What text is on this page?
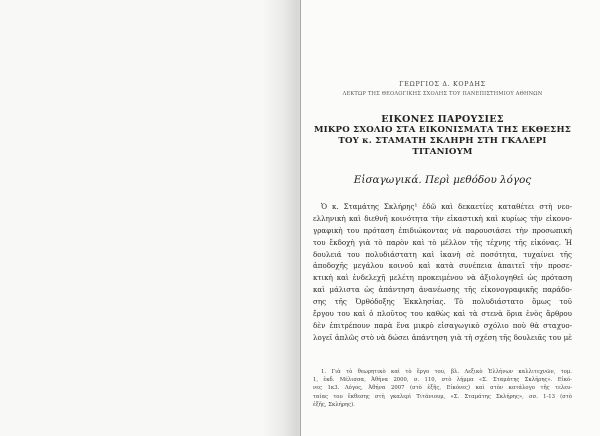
ΓΕΩΡΓΙΟΣ Δ. ΚΟΡΔΗΣ
ΛΕΚΤΩΡ ΤΗΣ ΘΕΟΛΟΓΙΚΗΣ ΣΧΟΛΗΣ ΤΟΥ ΠΑΝΕΠΙΣΤΗΜΙΟΥ ΑΘΗΝΩΝ
ΕΙΚΟΝΕΣ ΠΑΡΟΥΣΙΕΣ
ΜΙΚΡΟ ΣΧΟΛΙΟ ΣΤΑ ΕΙΚΟΝΙΣΜΑΤΑ ΤΗΣ ΕΚΘΕΣΗΣ
ΤΟΥ κ. ΣΤΑΜΑΤΗ ΣΚΛΗΡΗ ΣΤΗ ΓΚΑΛΕΡΙ ΤΙΤΑΝΙΟΥΜ
Εἰσαγωγικά. Περὶ μεθόδου λόγος
Ὁ κ. Σταμάτης Σκλήρης¹ ἐδῶ καὶ δεκαετίες καταθέτει στὴ νεο-
ελληνικὴ καὶ διεθνῆ κοινότητα τὴν εἰκαστικὴ καὶ κυρίως τὴν εἰκονο-
γραφικὴ του πρόταση ἐπιδιώκοντας νὰ παρουσιάσει τὴν προσωπική
του ἔκδοχὴ γιὰ τὸ παρὸν καὶ τὸ μέλλον τῆς τέχνης τῆς εἰκόνας. Ἡ
δουλειά του πολυδιάστατη καὶ ἱκανὴ σὲ ποσότητα, τυχαίνει τῆς
ἀποδοχῆς μεγάλου κοινοῦ καὶ κατὰ συνέπεια ἀπαιτεῖ τὴν προσε-
κτικὴ καὶ ἐνδελεχῆ μελέτη προκειμένου νὰ ἀξιολογηθεῖ ὡς πρόταση
καὶ μάλιστα ὡς ἀπάντηση ἀνανέωσης τῆς εἰκονογραφικῆς παράδο-
σης τῆς Ὀρθόδοξης Ἐκκλησίας. Τὸ πολυδιάστατο ὅμως τοῦ
ἔργου του καὶ ὁ πλοῦτος του καθὼς καὶ τὰ στενὰ ὅρια ἑνὸς ἄρθρου
δὲν ἐπιτρέπουν παρὰ ἕνα μικρὸ εἰσαγωγικὸ σχόλιο ποὺ θὰ σταχυο-
λογεῖ ἁπλῶς στὸ νὰ δώσει ἀπάντηση γιὰ τὴ σχέση τῆς δουλειᾶς του μὲ
1. Γιὰ τὸ θεωρητικὸ καὶ τὸ ἔργο του, βλ. Λεξικὸ Ἑλλήνων καλλιτεχνῶν, τομ.
1, ἐκδ. Μέλισσα, Ἀθήνα 2000, σ. 110, στὸ λήμμα «Σ. Σταμάτης Σκλήρης». Εἰκό-
νες 1κ3. Λόγος, Ἀθήνα 2007 (στὸ ἑξῆς, Εἰκόνες) καὶ στὸν κατάλογο τῆς τελευ-
ταίας του ἔκθεσης στὴ γκαλερὶ Τιτάνιουμ, «Σ. Σταμάτης Σκλήρης», σσ. 1-13 (στὸ
ἑξῆς, Σκλήρης).
